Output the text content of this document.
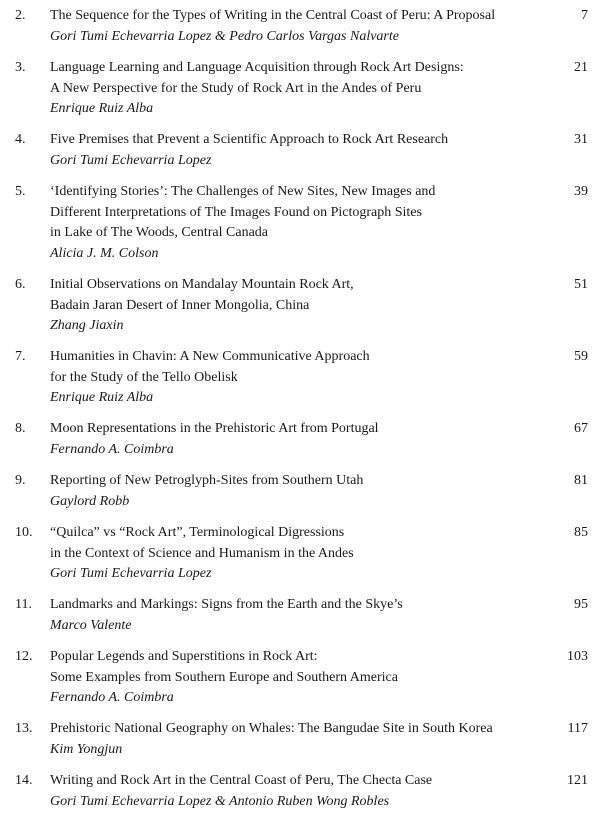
2. The Sequence for the Types of Writing in the Central Coast of Peru: A Proposal
Gori Tumi Echevarria Lopez & Pedro Carlos Vargas Nalvarte
7
3. Language Learning and Language Acquisition through Rock Art Designs:
A New Perspective for the Study of Rock Art in the Andes of Peru
Enrique Ruiz Alba
21
4. Five Premises that Prevent a Scientific Approach to Rock Art Research
Gori Tumi Echevarria Lopez
31
5. ‘Identifying Stories’: The Challenges of New Sites, New Images and
Different Interpretations of The Images Found on Pictograph Sites
in Lake of The Woods, Central Canada
Alicia J. M. Colson
39
6. Initial Observations on Mandalay Mountain Rock Art,
Badain Jaran Desert of Inner Mongolia, China
Zhang Jiaxin
51
7. Humanities in Chavin: A New Communicative Approach
for the Study of the Tello Obelisk
Enrique Ruiz Alba
59
8. Moon Representations in the Prehistoric Art from Portugal
Fernando A. Coimbra
67
9. Reporting of New Petroglyph-Sites from Southern Utah
Gaylord Robb
81
10. “Quilca” vs “Rock Art”, Terminological Digressions
in the Context of Science and Humanism in the Andes
Gori Tumi Echevarria Lopez
85
11. Landmarks and Markings: Signs from the Earth and the Skye’s
Marco Valente
95
12. Popular Legends and Superstitions in Rock Art:
Some Examples from Southern Europe and Southern America
Fernando A. Coimbra
103
13. Prehistoric National Geography on Whales: The Bangudae Site in South Korea
Kim Yongjun
117
14. Writing and Rock Art in the Central Coast of Peru, The Checta Case
Gori Tumi Echevarria Lopez & Antonio Ruben Wong Robles
121
